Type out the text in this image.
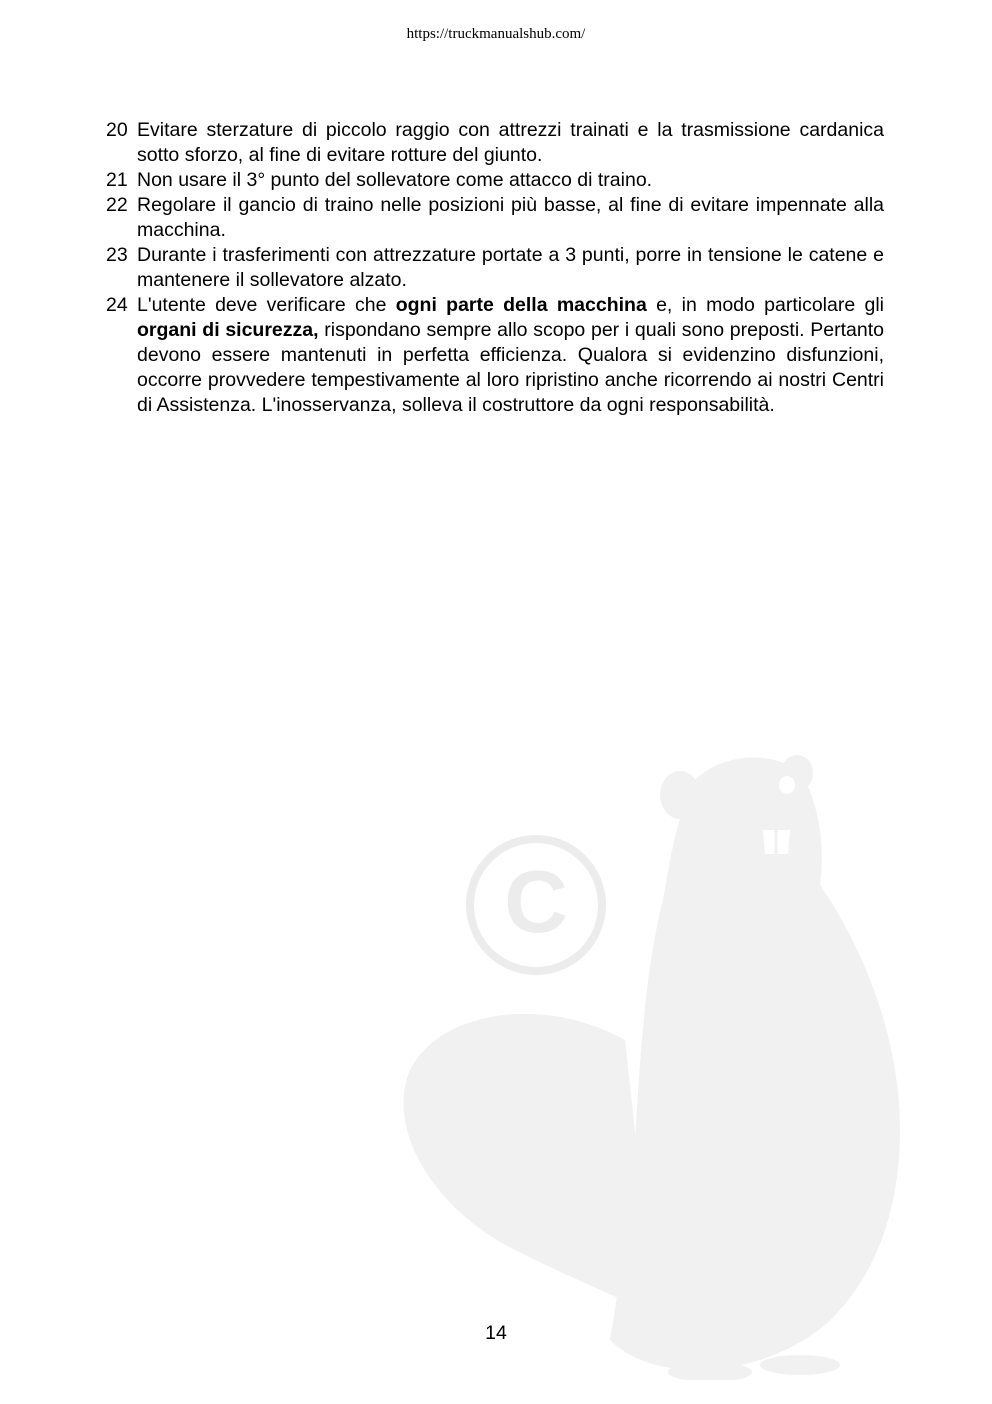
https://truckmanualshub.com/
C
20 Evitare sterzature di piccolo raggio con attrezzi trainati e la trasmissione cardanica sotto sforzo, al fine di evitare rotture del giunto.
21 Non usare il 3° punto del sollevatore come attacco di traino.
22 Regolare il gancio di traino nelle posizioni più basse, al fine di evitare impennate alla macchina.
23 Durante i trasferimenti con attrezzature portate a 3 punti, porre in tensione le catene e mantenere il sollevatore alzato.
24 L'utente deve verificare che ogni parte della macchina e, in modo particolare gli organi di sicurezza, rispondano sempre allo scopo per i quali sono preposti. Pertanto devono essere mantenuti in perfetta efficienza. Qualora si evidenzino disfunzioni, occorre provvedere tempestivamente al loro ripristino anche ricorrendo ai nostri Centri di Assistenza. L'inosservanza, solleva il costruttore da ogni responsabilità.
14
